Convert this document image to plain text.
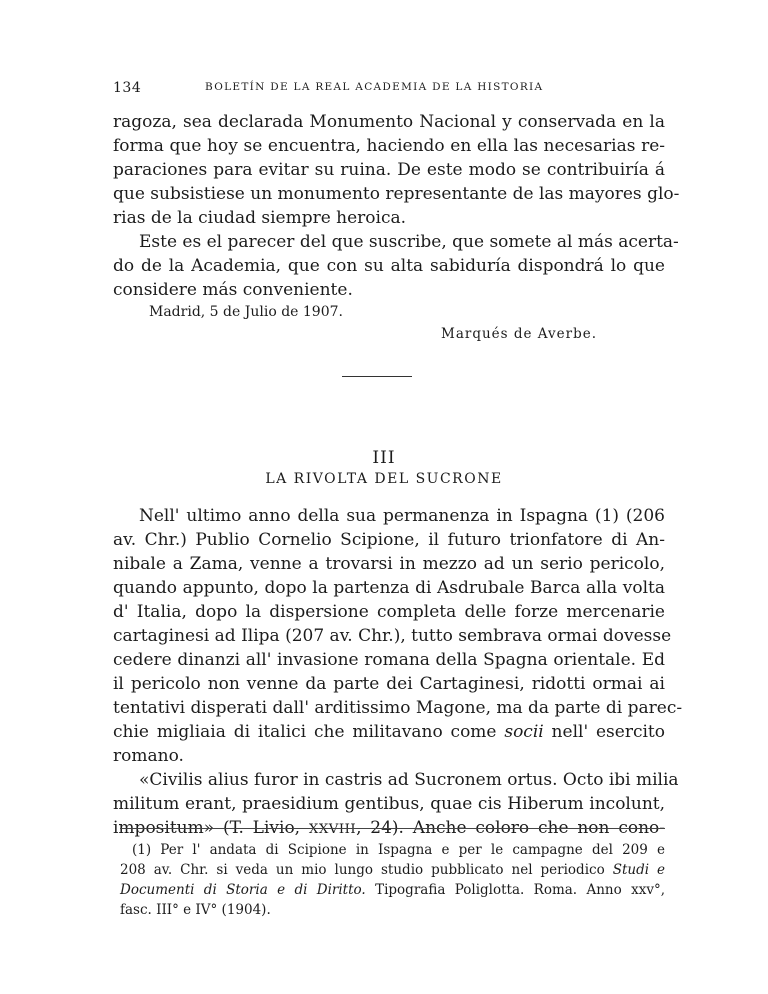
134	BOLETÍN DE LA REAL ACADEMIA DE LA HISTORIA

ragoza, sea declarada Monumento Nacional y conservada en la

forma que hoy se encuentra, haciendo en ella las necesarias re-

paraciones para evitar su ruina. De este modo se contribuiría á

que subsistiese un monumento representante de las mayores glo-

rias de la ciudad siempre heroica.

Este es el parecer del que suscribe, que somete al más acerta-

do de la Academia, que con su alta sabiduría dispondrá lo que

considere más conveniente.

Madrid, 5 de Julio de 1907.
Marqués de Averbe.
III
LA RIVOLTA DEL SUCRONE

Nell' ultimo anno della sua permanenza in Ispagna (1) (206

av. Chr.) Publio Cornelio Scipione, il futuro trionfatore di An-

nibale a Zama, venne a trovarsi in mezzo ad un serio pericolo,

quando appunto, dopo la partenza di Asdrubale Barca alla volta

d' Italia, dopo la dispersione completa delle forze mercenarie

cartaginesi ad Ilipa (207 av. Chr.), tutto sembrava ormai dovesse

cedere dinanzi all' invasione romana della Spagna orientale. Ed

il pericolo non venne da parte dei Cartaginesi, ridotti ormai ai

tentativi disperati dall' arditissimo Magone, ma da parte di parec-

chie migliaia di italici che militavano come socii nell' esercito

romano.

«Civilis alius furor in castris ad Sucronem ortus. Octo ibi milia

militum erant, praesidium gentibus, quae cis Hiberum incolunt,

impositum» (T. Livio, XXVIII, 24). Anche coloro che non cono-

(1) Per l' andata di Scipione in Ispagna e per le campagne del 209 e

208 av. Chr. si veda un mio lungo studio pubblicato nel periodico Studi e

Documenti di Storia e di Diritto. Tipografia Poliglotta. Roma. Anno xxv°,

fasc. III° e IV° (1904).
